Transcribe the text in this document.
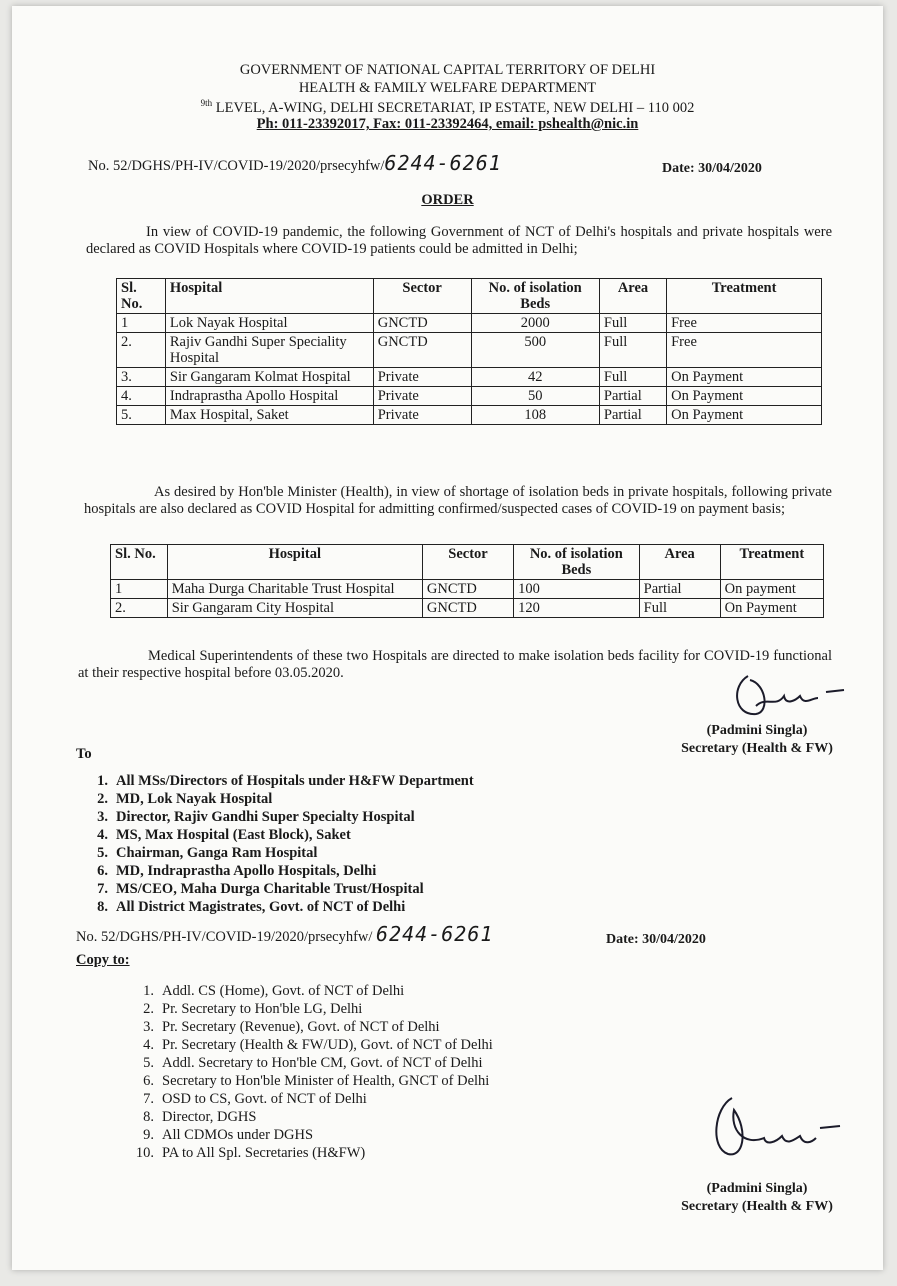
GOVERNMENT OF NATIONAL CAPITAL TERRITORY OF DELHI
HEALTH & FAMILY WELFARE DEPARTMENT
$^{9th}$ LEVEL, A-WING, DELHI SECRETARIAT, IP ESTATE, NEW DELHI – 110 002
Ph: 011-23392017, Fax: 011-23392464, email: pshealth@nic.in
No. 52/DGHS/PH-IV/COVID-19/2020/prsecyhfw/6244-6261	Date: 30/04/2020
ORDER
In view of COVID-19 pandemic, the following Government of NCT of Delhi's hospitals and private hospitals were declared as COVID Hospitals where COVID-19 patients could be admitted in Delhi;
Sl. No.	Hospital	Sector	No. of isolation Beds	Area	Treatment
1	Lok Nayak Hospital	GNCTD	2000	Full	Free
2.	Rajiv Gandhi Super Speciality Hospital	GNCTD	500	Full	Free
3.	Sir Gangaram Kolmat Hospital	Private	42	Full	On Payment
4.	Indraprastha Apollo Hospital	Private	50	Partial	On Payment
5.	Max Hospital, Saket	Private	108	Partial	On Payment
As desired by Hon'ble Minister (Health), in view of shortage of isolation beds in private hospitals, following private hospitals are also declared as COVID Hospital for admitting confirmed/suspected cases of COVID-19 on payment basis;
Sl. No.	Hospital	Sector	No. of isolation Beds	Area	Treatment
1	Maha Durga Charitable Trust Hospital	GNCTD	100	Partial	On payment
2.	Sir Gangaram City Hospital	GNCTD	120	Full	On Payment
Medical Superintendents of these two Hospitals are directed to make isolation beds facility for COVID-19 functional at their respective hospital before 03.05.2020.
(Padmini Singla)
Secretary (Health & FW)
To
1. All MSs/Directors of Hospitals under H&FW Department
2. MD, Lok Nayak Hospital
3. Director, Rajiv Gandhi Super Specialty Hospital
4. MS, Max Hospital (East Block), Saket
5. Chairman, Ganga Ram Hospital
6. MD, Indraprastha Apollo Hospitals, Delhi
7. MS/CEO, Maha Durga Charitable Trust/Hospital
8. All District Magistrates, Govt. of NCT of Delhi
No. 52/DGHS/PH-IV/COVID-19/2020/prsecyhfw/ 6244-6261	Date: 30/04/2020
Copy to:
1. Addl. CS (Home), Govt. of NCT of Delhi
2. Pr. Secretary to Hon'ble LG, Delhi
3. Pr. Secretary (Revenue), Govt. of NCT of Delhi
4. Pr. Secretary (Health & FW/UD), Govt. of NCT of Delhi
5. Addl. Secretary to Hon'ble CM, Govt. of NCT of Delhi
6. Secretary to Hon'ble Minister of Health, GNCT of Delhi
7. OSD to CS, Govt. of NCT of Delhi
8. Director, DGHS
9. All CDMOs under DGHS
10. PA to All Spl. Secretaries (H&FW)
(Padmini Singla)
Secretary (Health & FW)
